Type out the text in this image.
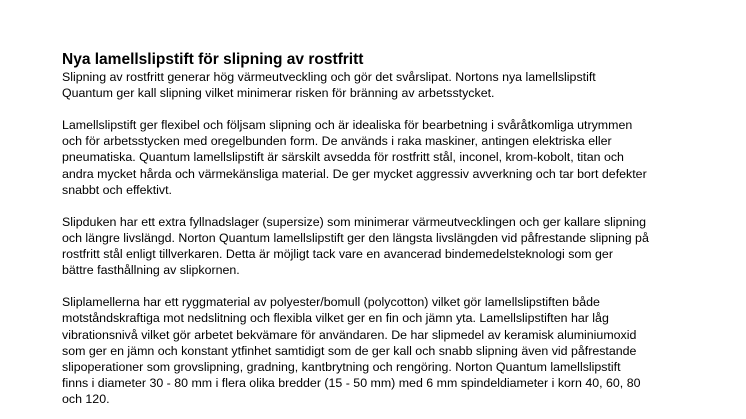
Nya lamellslipstift för slipning av rostfritt

Slipning av rostfritt generar hög värmeutveckling och gör det svårslipat. Nortons nya lamellslipstift
Quantum ger kall slipning vilket minimerar risken för bränning av arbetsstycket.

Lamellslipstift ger flexibel och följsam slipning och är idealiska för bearbetning i svåråtkomliga utrymmen
och för arbetsstycken med oregelbunden form. De används i raka maskiner, antingen elektriska eller
pneumatiska. Quantum lamellslipstift är särskilt avsedda för rostfritt stål, inconel, krom-kobolt, titan och
andra mycket hårda och värmekänsliga material. De ger mycket aggressiv avverkning och tar bort defekter
snabbt och effektivt.

Slipduken har ett extra fyllnadslager (supersize) som minimerar värmeutvecklingen och ger kallare slipning
och längre livslängd. Norton Quantum lamellslipstift ger den längsta livslängden vid påfrestande slipning på
rostfritt stål enligt tillverkaren. Detta är möjligt tack vare en avancerad bindemedelsteknologi som ger
bättre fasthållning av slipkornen.

Sliplamellerna har ett ryggmaterial av polyester/bomull (polycotton) vilket gör lamellslipstiften både
motståndskraftiga mot nedslitning och flexibla vilket ger en fin och jämn yta. Lamellslipstiften har låg
vibrationsnivå vilket gör arbetet bekvämare för användaren. De har slipmedel av keramisk aluminiumoxid
som ger en jämn och konstant ytfinhet samtidigt som de ger kall och snabb slipning även vid påfrestande
slipoperationer som grovslipning, gradning, kantbrytning och rengöring. Norton Quantum lamellslipstift
finns i diameter 30 - 80 mm i flera olika bredder (15 - 50 mm) med 6 mm spindeldiameter i korn 40, 60, 80
och 120.
